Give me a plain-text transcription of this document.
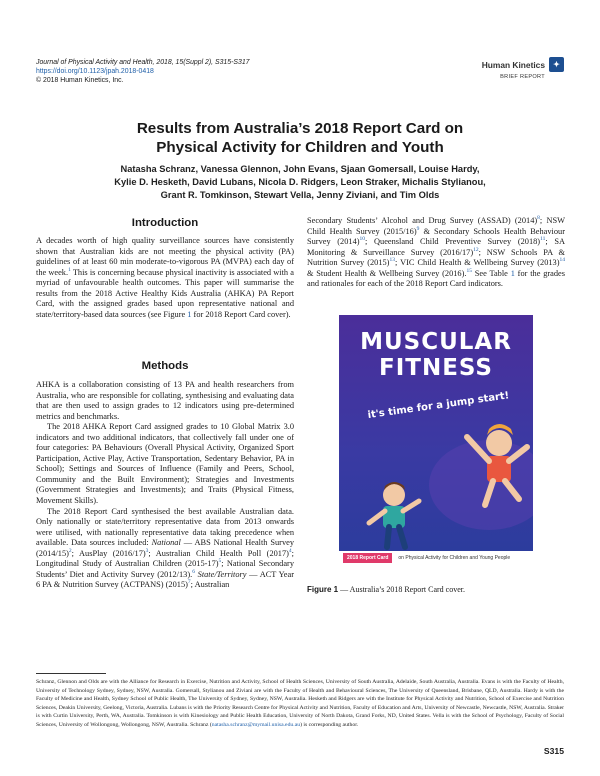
Journal of Physical Activity and Health, 2018, 15(Suppl 2), S315-S317
https://doi.org/10.1123/jpah.2018-0418
© 2018 Human Kinetics, Inc.
Human Kinetics	✦
BRIEF REPORT
Results from Australia’s 2018 Report Card on
Physical Activity for Children and Youth
Natasha Schranz, Vanessa Glennon, John Evans, Sjaan Gomersall, Louise Hardy,
Kylie D. Hesketh, David Lubans, Nicola D. Ridgers, Leon Straker, Michalis Stylianou,
Grant R. Tomkinson, Stewart Vella, Jenny Ziviani, and Tim Olds
Introduction

A decades worth of high quality surveillance sources have consistently shown that Australian kids are not meeting the physical activity (PA) guidelines of at least 60 min moderate-to-vigorous PA (MVPA) each day of the week.$^1$ This is concerning because physical inactivity is associated with a myriad of unfavourable health outcomes. This paper will summarise the results from the 2018 Active Healthy Kids Australia (AHKA) PA Report Card, with the assigned grades based upon representative national and state/territory-based data sources (see Figure 1 for 2018 Report Card cover).

Methods

AHKA is a collaboration consisting of 13 PA and health researchers from Australia, who are responsible for collating, synthesising and evaluating data that are then used to assign grades to 12 indicators using pre-determined metrics and benchmarks.

The 2018 AHKA Report Card assigned grades to 10 Global Matrix 3.0 indicators and two additional indicators, that collectively fall under one of four categories: PA Behaviours (Overall Physical Activity, Organized Sport Participation, Active Play, Active Transportation, Sedentary Behavior, PA in School); Settings and Sources of Influence (Family and Peers, School, Community and the Built Environment); Strategies and Investments (Government Strategies and Investments); and Traits (Physical Fitness, Movement Skills).

The 2018 Report Card synthesised the best available Australian data. Only nationally or state/territory representative data from 2013 onwards were utilised, with nationally representative data taking precedence when available. Data sources included: National — ABS National Health Survey (2014/15)$^2$; AusPlay (2016/17)$^3$; Australian Child Health Poll (2017)$^4$; Longitudinal Study of Australian Children (2015-17)$^5$; National Secondary Students’ Diet and Activity Survey (2012/13).$^6$ State/Territory — ACT Year 6 PA & Nutrition Survey (ACTPANS) (2015)$^7$; Australian

Secondary Students’ Alcohol and Drug Survey (ASSAD) (2014)$^8$; NSW Child Health Survey (2015/16)$^9$ & Secondary Schools Health Behaviour Survey (2014)$^{10}$; Queensland Child Preventive Survey (2018)$^{11}$; SA Monitoring & Surveillance Survey (2016/17)$^{12}$; NSW Schools PA & Nutrition Survey (2015)$^{13}$; VIC Child Health & Wellbeing Survey (2013)$^{14}$ & Student Health & Wellbeing Survey (2016).$^{15}$ See Table 1 for the grades and rationales for each of the 2018 Report Card indicators.

MUSCULAR
FITNESS
it's time for a jump start!
2018 Report Card	on Physical Activity for Children and Young People
Figure 1 — Australia’s 2018 Report Card cover.
Schranz, Glennon and Olds are with the Alliance for Research in Exercise, Nutrition and Activity, School of Health Sciences, University of South Australia, Adelaide, South Australia, Australia. Evans is with the Faculty of Health, University of Technology Sydney, Sydney, NSW, Australia. Gomersall, Stylianou and Ziviani are with the Faculty of Health and Behavioural Sciences, The University of Queensland, Brisbane, QLD, Australia. Hardy is with the Faculty of Medicine and Health, Sydney School of Public Health, The University of Sydney, Sydney, NSW, Australia. Hesketh and Ridgers are with the Institute for Physical Activity and Nutrition, School of Exercise and Nutrition Sciences, Deakin University, Geelong, Victoria, Australia. Lubans is with the Priority Research Centre for Physical Activity and Nutrition, Faculty of Education and Arts, University of Newcastle, Newcastle, NSW, Australia. Straker is with Curtin University, Perth, WA, Australia. Tomkinson is with Kinesiology and Public Health Education, University of North Dakota, Grand Forks, ND, United States. Vella is with the School of Psychology, Faculty of Social Sciences, University of Wollongong, Wollongong, NSW, Australia. Schranz (natasha.schranz@mymail.unisa.edu.au) is corresponding author.
S315
